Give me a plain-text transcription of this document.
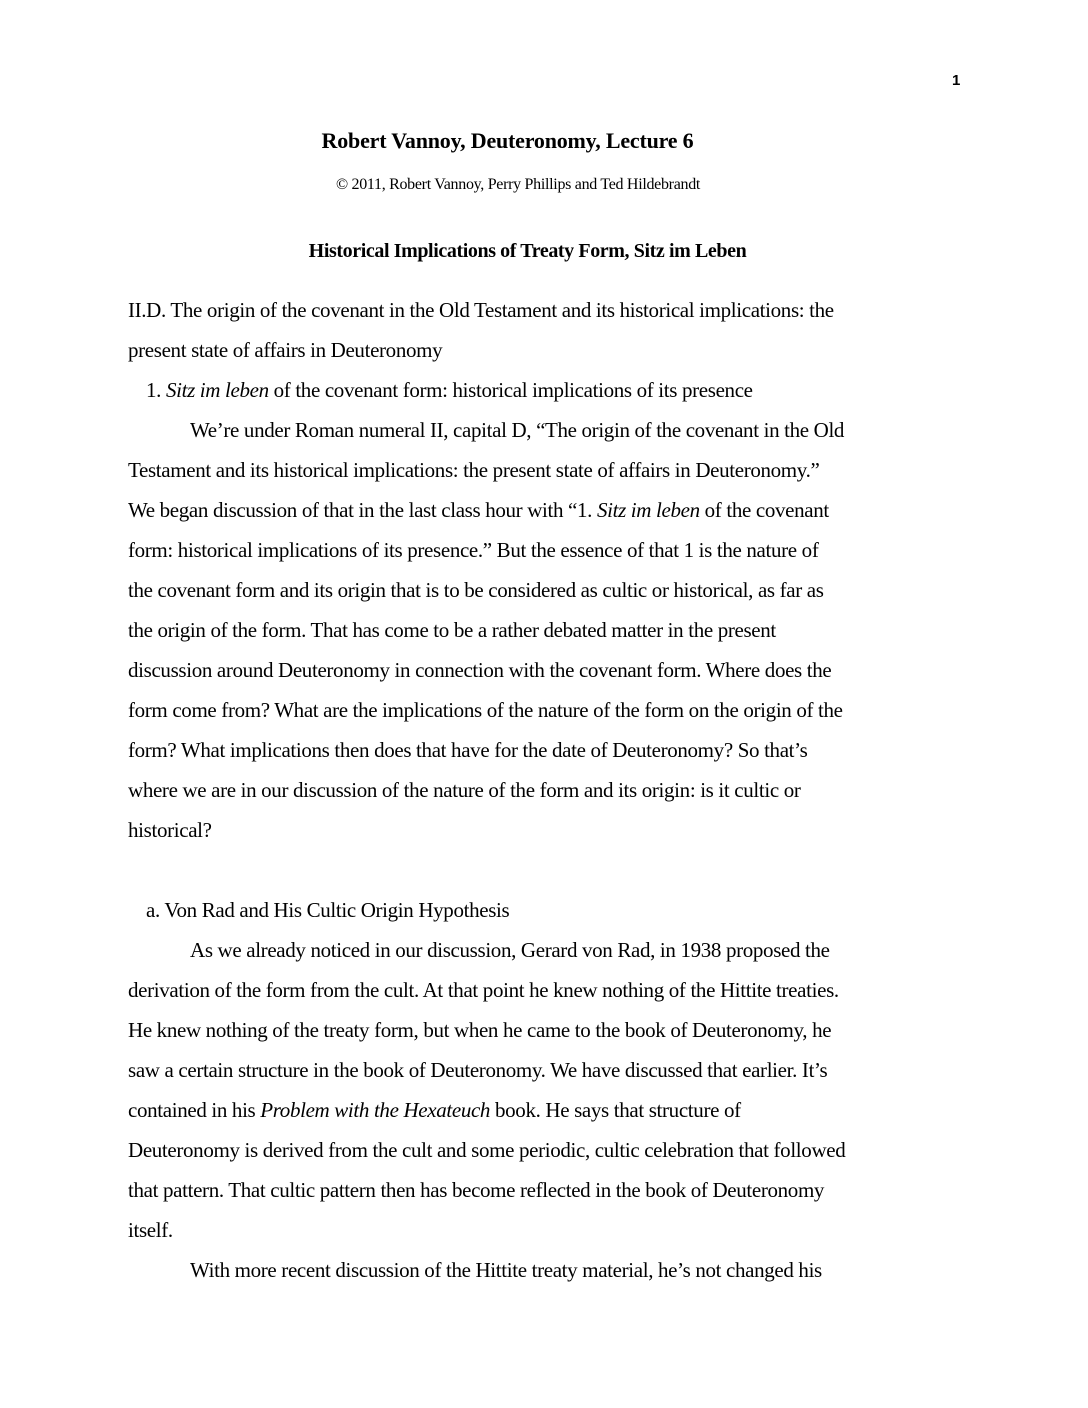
1
Robert Vannoy, Deuteronomy, Lecture 6
© 2011, Robert Vannoy, Perry Phillips and Ted Hildebrandt
Historical Implications of Treaty Form, Sitz im Leben
II.D. The origin of the covenant in the Old Testament and its historical implications: the
present state of affairs in Deuteronomy
1. Sitz im leben of the covenant form: historical implications of its presence
We’re under Roman numeral II, capital D, “The origin of the covenant in the Old
Testament and its historical implications: the present state of affairs in Deuteronomy.”
We began discussion of that in the last class hour with “1. Sitz im leben of the covenant
form: historical implications of its presence.” But the essence of that 1 is the nature of
the covenant form and its origin that is to be considered as cultic or historical, as far as
the origin of the form. That has come to be a rather debated matter in the present
discussion around Deuteronomy in connection with the covenant form. Where does the
form come from? What are the implications of the nature of the form on the origin of the
form? What implications then does that have for the date of Deuteronomy? So that’s
where we are in our discussion of the nature of the form and its origin: is it cultic or
historical?
a. Von Rad and His Cultic Origin Hypothesis
As we already noticed in our discussion, Gerard von Rad, in 1938 proposed the
derivation of the form from the cult. At that point he knew nothing of the Hittite treaties.
He knew nothing of the treaty form, but when he came to the book of Deuteronomy, he
saw a certain structure in the book of Deuteronomy. We have discussed that earlier. It’s
contained in his Problem with the Hexateuch book. He says that structure of
Deuteronomy is derived from the cult and some periodic, cultic celebration that followed
that pattern. That cultic pattern then has become reflected in the book of Deuteronomy
itself.
With more recent discussion of the Hittite treaty material, he’s not changed his
